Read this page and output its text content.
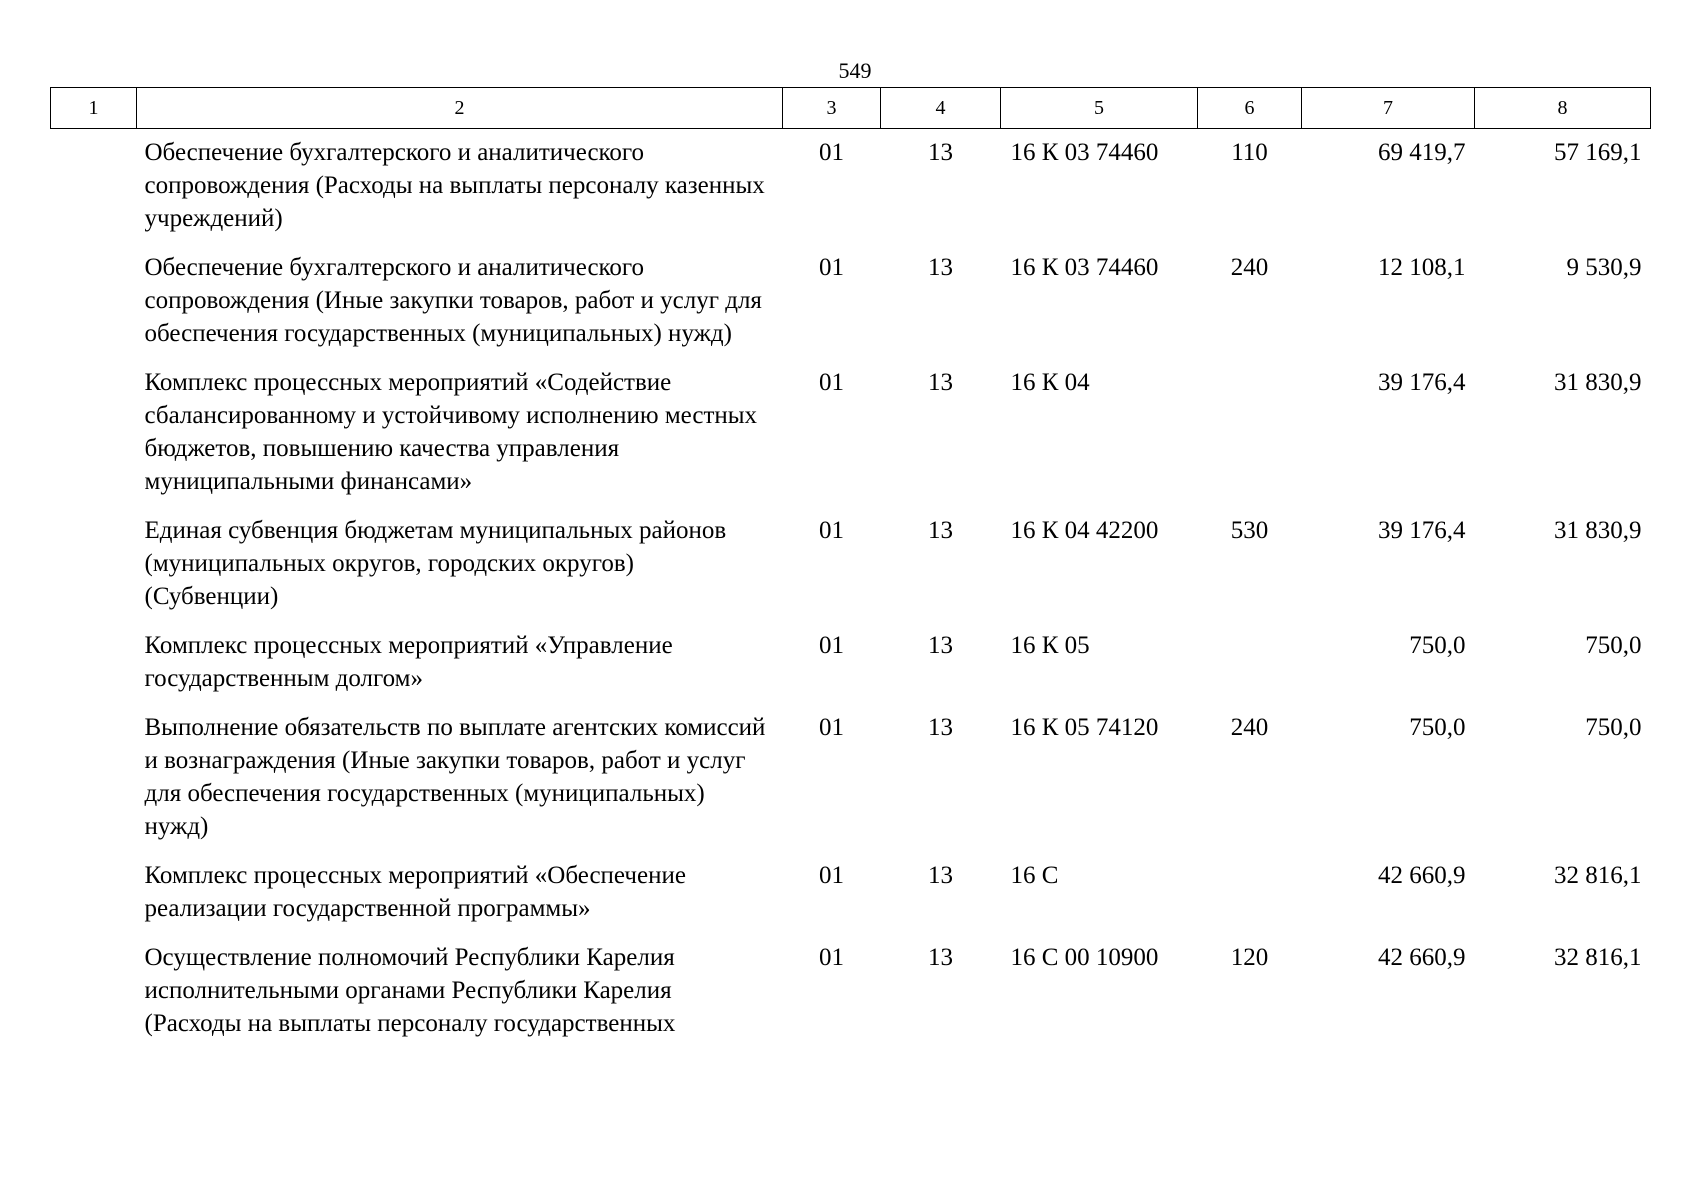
549
1	2	3	4	5	6	7	8
	Обеспечение бухгалтерского и аналитического сопровождения (Расходы на выплаты персоналу казенных учреждений)	01	13	16 К 03 74460	110	69 419,7	57 169,1
	Обеспечение бухгалтерского и аналитического сопровождения (Иные закупки товаров, работ и услуг для обеспечения государственных (муниципальных) нужд)	01	13	16 К 03 74460	240	12 108,1	9 530,9
	Комплекс процессных мероприятий «Содействие сбалансированному и устойчивому исполнению местных бюджетов, повышению качества управления муниципальными финансами»	01	13	16 К 04		39 176,4	31 830,9
	Единая субвенция бюджетам муниципальных районов (муниципальных округов, городских округов) (Субвенции)	01	13	16 К 04 42200	530	39 176,4	31 830,9
	Комплекс процессных мероприятий «Управление государственным долгом»	01	13	16 К 05		750,0	750,0
	Выполнение обязательств по выплате агентских комиссий и вознаграждения (Иные закупки товаров, работ и услуг для обеспечения государственных (муниципальных) нужд)	01	13	16 К 05 74120	240	750,0	750,0
	Комплекс процессных мероприятий «Обеспечение реализации государственной программы»	01	13	16 С		42 660,9	32 816,1
	Осуществление полномочий Республики Карелия исполнительными органами Республики Карелия (Расходы на выплаты персоналу государственных	01	13	16 С 00 10900	120	42 660,9	32 816,1
